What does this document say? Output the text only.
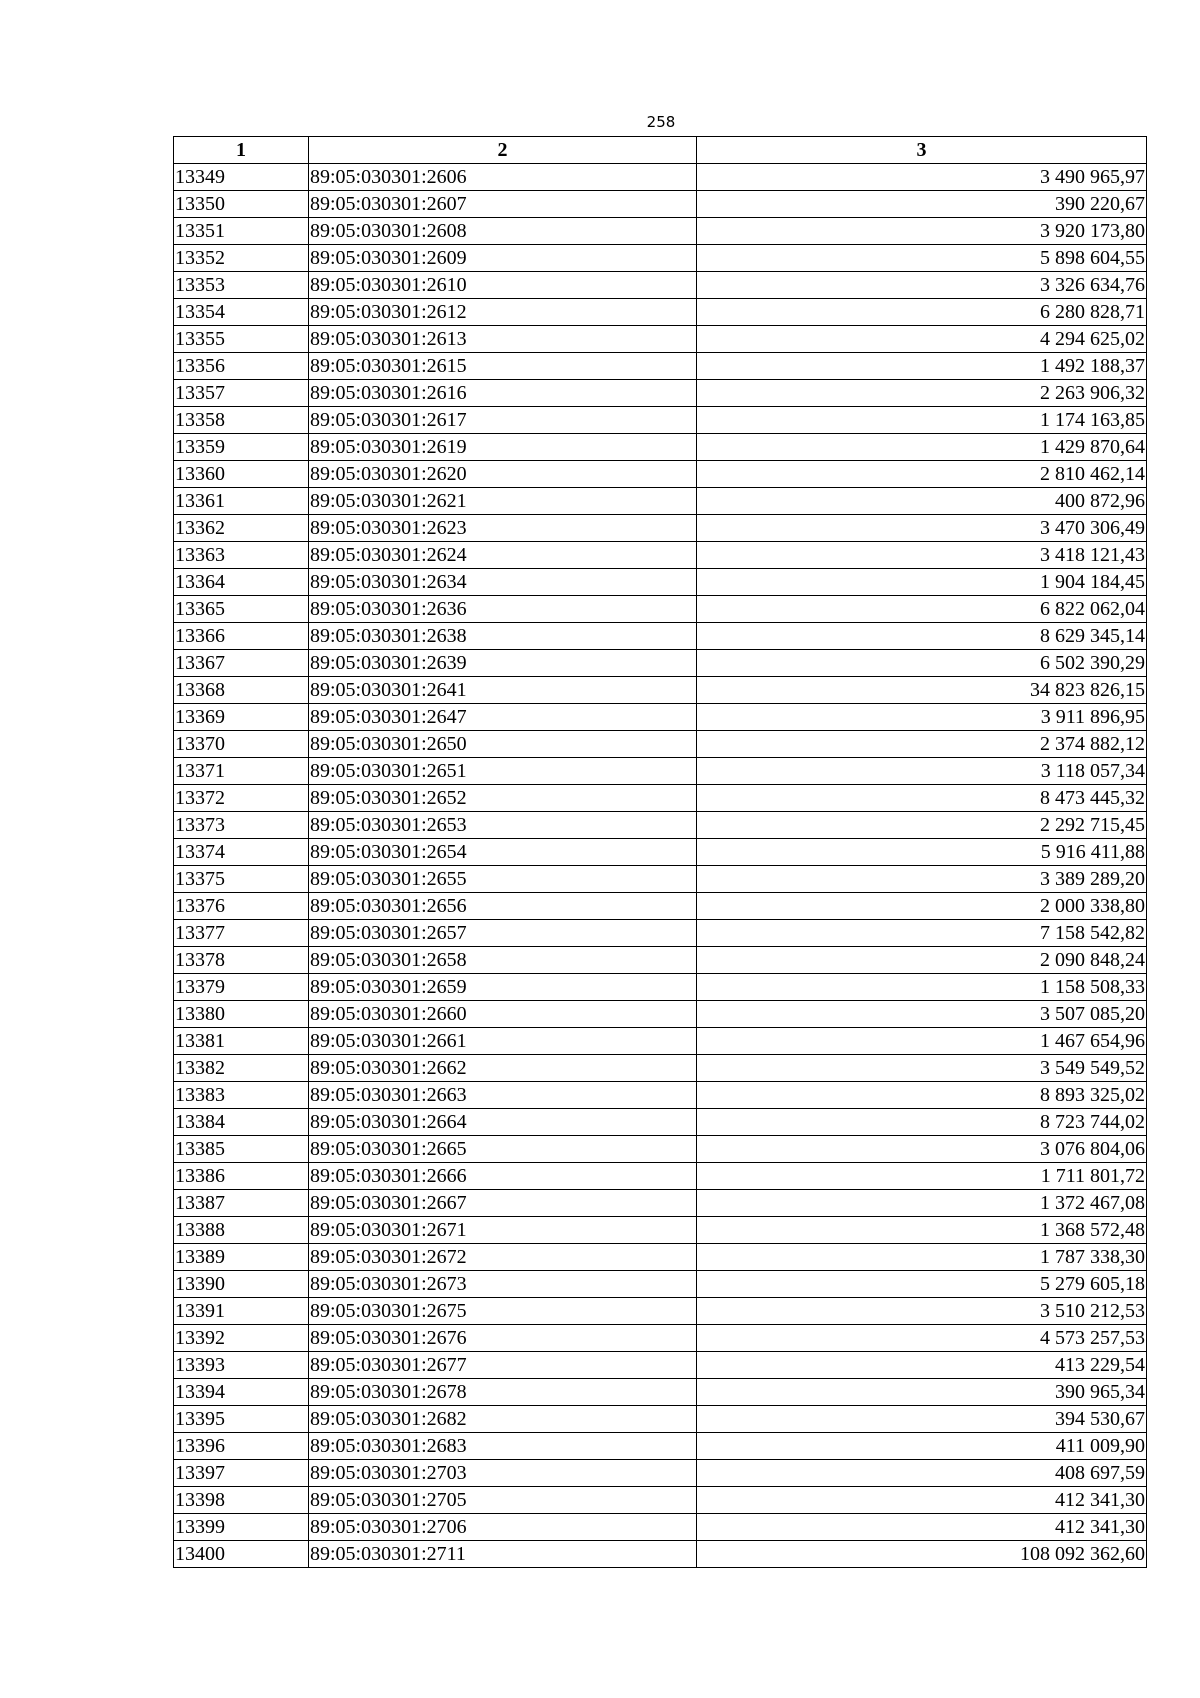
258
1	2	3
13349	89:05:030301:2606	3 490 965,97
13350	89:05:030301:2607	390 220,67
13351	89:05:030301:2608	3 920 173,80
13352	89:05:030301:2609	5 898 604,55
13353	89:05:030301:2610	3 326 634,76
13354	89:05:030301:2612	6 280 828,71
13355	89:05:030301:2613	4 294 625,02
13356	89:05:030301:2615	1 492 188,37
13357	89:05:030301:2616	2 263 906,32
13358	89:05:030301:2617	1 174 163,85
13359	89:05:030301:2619	1 429 870,64
13360	89:05:030301:2620	2 810 462,14
13361	89:05:030301:2621	400 872,96
13362	89:05:030301:2623	3 470 306,49
13363	89:05:030301:2624	3 418 121,43
13364	89:05:030301:2634	1 904 184,45
13365	89:05:030301:2636	6 822 062,04
13366	89:05:030301:2638	8 629 345,14
13367	89:05:030301:2639	6 502 390,29
13368	89:05:030301:2641	34 823 826,15
13369	89:05:030301:2647	3 911 896,95
13370	89:05:030301:2650	2 374 882,12
13371	89:05:030301:2651	3 118 057,34
13372	89:05:030301:2652	8 473 445,32
13373	89:05:030301:2653	2 292 715,45
13374	89:05:030301:2654	5 916 411,88
13375	89:05:030301:2655	3 389 289,20
13376	89:05:030301:2656	2 000 338,80
13377	89:05:030301:2657	7 158 542,82
13378	89:05:030301:2658	2 090 848,24
13379	89:05:030301:2659	1 158 508,33
13380	89:05:030301:2660	3 507 085,20
13381	89:05:030301:2661	1 467 654,96
13382	89:05:030301:2662	3 549 549,52
13383	89:05:030301:2663	8 893 325,02
13384	89:05:030301:2664	8 723 744,02
13385	89:05:030301:2665	3 076 804,06
13386	89:05:030301:2666	1 711 801,72
13387	89:05:030301:2667	1 372 467,08
13388	89:05:030301:2671	1 368 572,48
13389	89:05:030301:2672	1 787 338,30
13390	89:05:030301:2673	5 279 605,18
13391	89:05:030301:2675	3 510 212,53
13392	89:05:030301:2676	4 573 257,53
13393	89:05:030301:2677	413 229,54
13394	89:05:030301:2678	390 965,34
13395	89:05:030301:2682	394 530,67
13396	89:05:030301:2683	411 009,90
13397	89:05:030301:2703	408 697,59
13398	89:05:030301:2705	412 341,30
13399	89:05:030301:2706	412 341,30
13400	89:05:030301:2711	108 092 362,60
